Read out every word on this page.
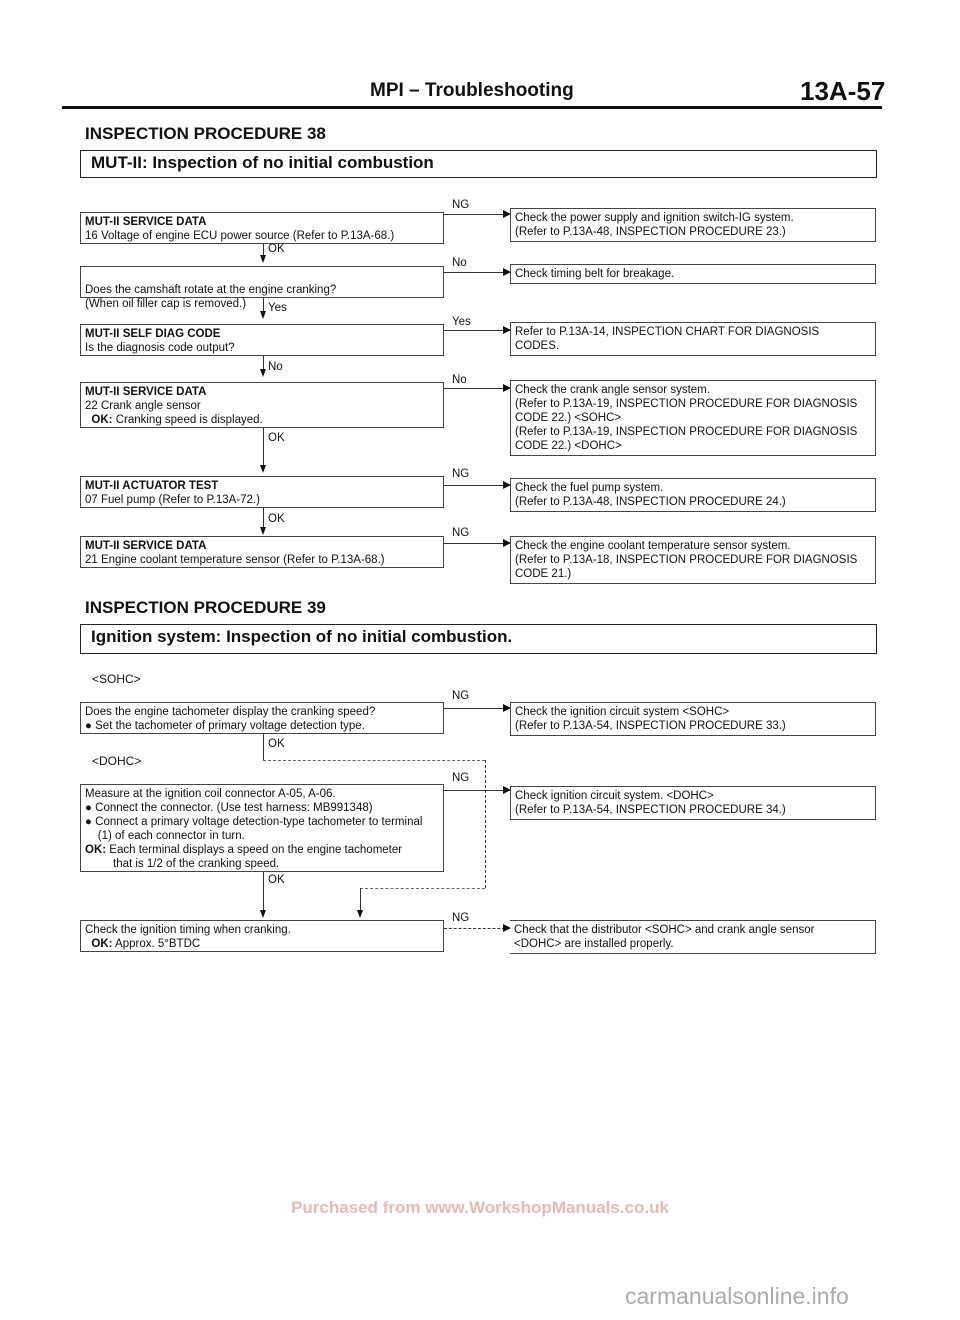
MPI – Troubleshooting	13A-57
INSPECTION PROCEDURE 38
MUT-II: Inspection of no initial combustion
NG
MUT-II SERVICE DATA
16 Voltage of engine ECU power source (Refer to P.13A-68.)
Check the power supply and ignition switch-IG system.
(Refer to P.13A-48, INSPECTION PROCEDURE 23.)
OK
No

Does the camshaft rotate at the engine cranking?
(When oil filler cap is removed.)

Check timing belt for breakage.
Yes
Yes
MUT-II SELF DIAG CODE
Is the diagnosis code output?
Refer to P.13A-14, INSPECTION CHART FOR DIAGNOSIS
CODES.
No
No
MUT-II SERVICE DATA
22 Crank angle sensor
OK: Cranking speed is displayed.
Check the crank angle sensor system.
(Refer to P.13A-19, INSPECTION PROCEDURE FOR DIAGNOSIS
CODE 22.) <SOHC>
(Refer to P.13A-19, INSPECTION PROCEDURE FOR DIAGNOSIS
CODE 22.) <DOHC>
OK
NG
MUT-II ACTUATOR TEST
07 Fuel pump (Refer to P.13A-72.)
Check the fuel pump system.
(Refer to P.13A-48, INSPECTION PROCEDURE 24.)
OK
NG
MUT-II SERVICE DATA
21 Engine coolant temperature sensor (Refer to P.13A-68.)
Check the engine coolant temperature sensor system.
(Refer to P.13A-18, INSPECTION PROCEDURE FOR DIAGNOSIS
CODE 21.)
INSPECTION PROCEDURE 39
Ignition system: Inspection of no initial combustion.
<SOHC>
NG
Does the engine tachometer display the cranking speed?
● Set the tachometer of primary voltage detection type.
Check the ignition circuit system <SOHC>
(Refer to P.13A-54, INSPECTION PROCEDURE 33.)
OK
<DOHC>
NG
Measure at the ignition coil connector A-05, A-06.
● Connect the connector. (Use test harness: MB991348)
● Connect a primary voltage detection-type tachometer to terminal
(1) of each connector in turn.
OK: Each terminal displays a speed on the engine tachometer
that is 1/2 of the cranking speed.
Check ignition circuit system. <DOHC>
(Refer to P.13A-54, INSPECTION PROCEDURE 34.)
OK
NG
Check the ignition timing when cranking.
OK: Approx. 5°BTDC
Check that the distributor <SOHC> and crank angle sensor
<DOHC> are installed properly.
Purchased from www.WorkshopManuals.co.uk
carmanualsonline.info
